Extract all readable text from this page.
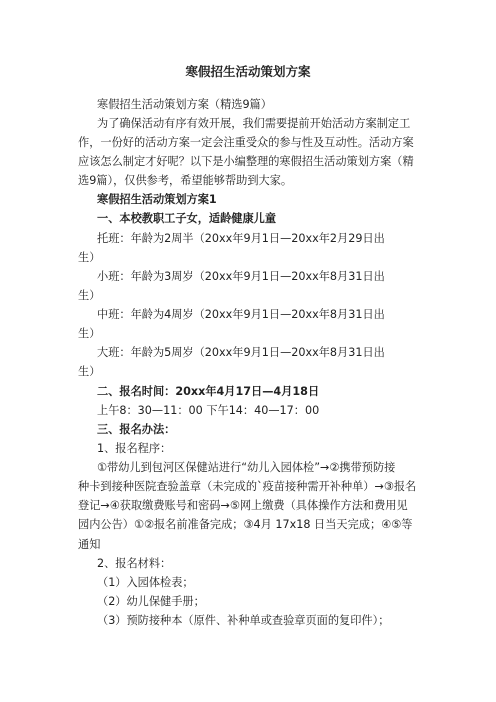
寒假招生活动策划方案
寒假招生活动策划方案（精选9篇）
为了确保活动有序有效开展，我们需要提前开始活动方案制定工
作，一份好的活动方案一定会注重受众的参与性及互动性。活动方案
应该怎么制定才好呢？以下是小编整理的寒假招生活动策划方案（精
选9篇），仅供参考，希望能够帮助到大家。
寒假招生活动策划方案1
一、本校教职工子女，适龄健康儿童
托班：年龄为2周半（20xx年9月1日—20xx年2月29日出
生）
小班：年龄为3周岁（20xx年9月1日—20xx年8月31日出
生）
中班：年龄为4周岁（20xx年9月1日—20xx年8月31日出
生）
大班：年龄为5周岁（20xx年9月1日—20xx年8月31日出
生）
二、报名时间：20xx年4月17日—4月18日
上午8：30—11：00 下午14：40—17：00
三、报名办法：
1、报名程序：
①带幼儿到包河区保健站进行“幼儿入园体检”→②携带预防接
种卡到接种医院查验盖章（未完成的`疫苗接种需开补种单）→③报名
登记→④获取缴费账号和密码→⑤网上缴费（具体操作方法和费用见
园内公告）①②报名前准备完成；③4月 17x18 日当天完成；④⑤等
通知
2、报名材料：
（1）入园体检表；
（2）幼儿保健手册；
（3）预防接种本（原件、补种单或查验章页面的复印件）；
